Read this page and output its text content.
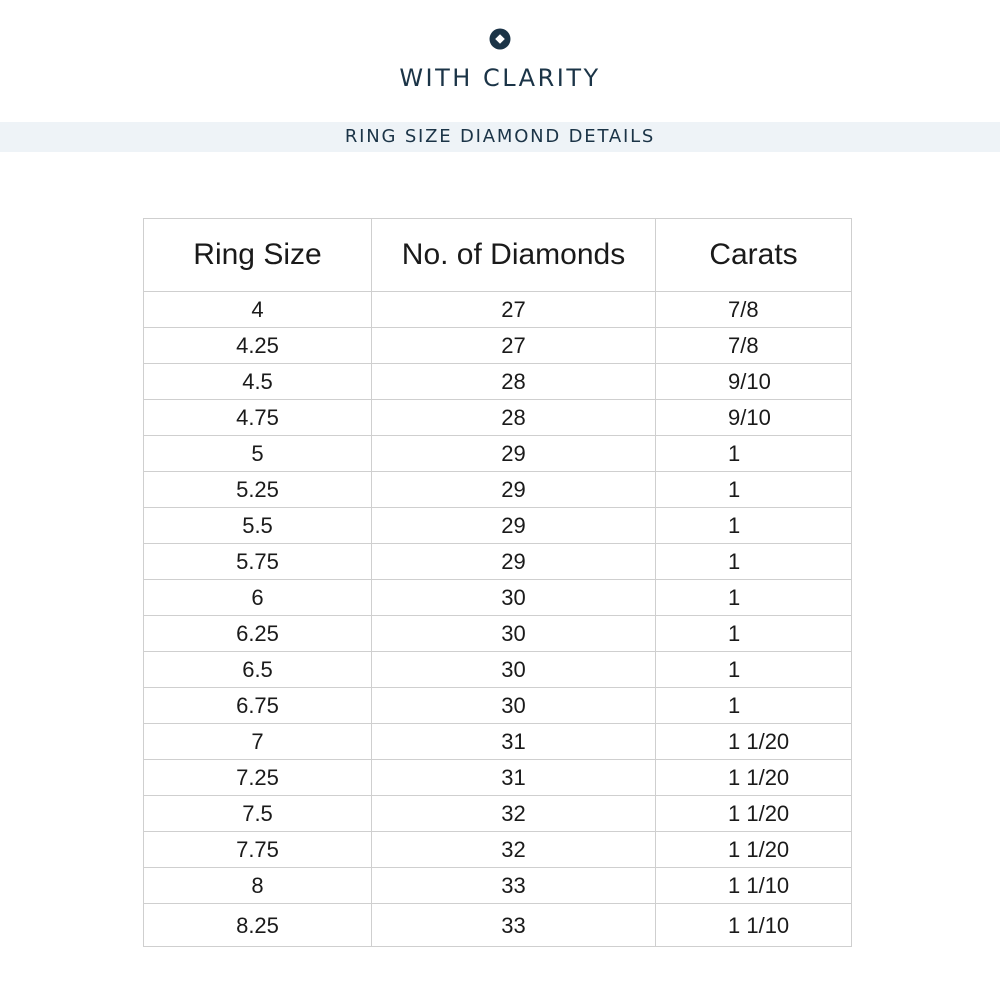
WITH CLARITY
RING SIZE DIAMOND DETAILS
Ring Size	No. of Diamonds	Carats
4	27	7/8
4.25	27	7/8
4.5	28	9/10
4.75	28	9/10
5	29	1
5.25	29	1
5.5	29	1
5.75	29	1
6	30	1
6.25	30	1
6.5	30	1
6.75	30	1
7	31	1 1/20
7.25	31	1 1/20
7.5	32	1 1/20
7.75	32	1 1/20
8	33	1 1/10
8.25	33	1 1/10
